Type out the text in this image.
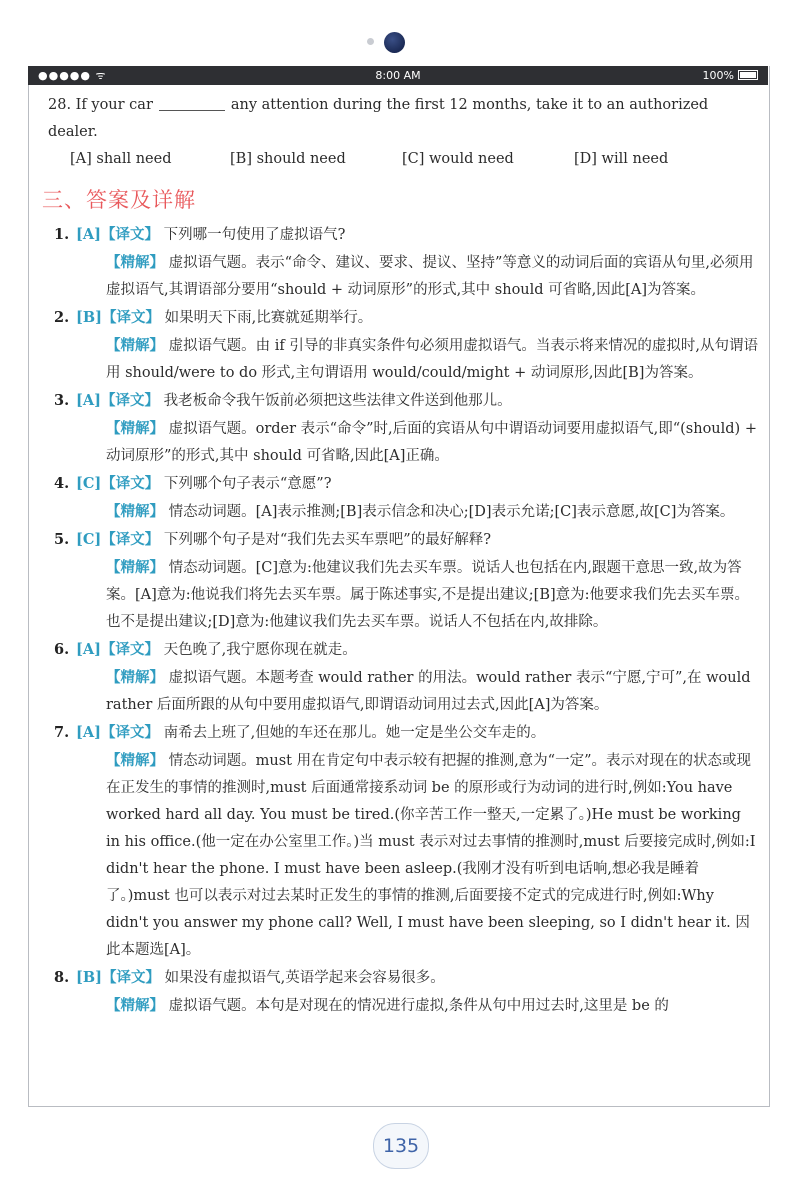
●●●●● ᯤ	8:00 AM	100%
28. If your car	any attention during the first 12 months, take it to an authorized dealer.
[A] shall need	[B] should need	[C] would need	[D] will need
三、答案及详解

1. [A]【译文】 下列哪一句使用了虚拟语气?

【精解】 虚拟语气题。表示“命令、建议、要求、提议、坚持”等意义的动词后面的宾语从句里,必须用虚拟语气,其谓语部分要用“should + 动词原形”的形式,其中 should 可省略,因此[A]为答案。

2. [B]【译文】 如果明天下雨,比赛就延期举行。

【精解】 虚拟语气题。由 if 引导的非真实条件句必须用虚拟语气。当表示将来情况的虚拟时,从句谓语用 should/were to do 形式,主句谓语用 would/could/might + 动词原形,因此[B]为答案。

3. [A]【译文】 我老板命令我午饭前必须把这些法律文件送到他那儿。

【精解】 虚拟语气题。order 表示“命令”时,后面的宾语从句中谓语动词要用虚拟语气,即“(should) + 动词原形”的形式,其中 should 可省略,因此[A]正确。

4. [C]【译文】 下列哪个句子表示“意愿”?

【精解】 情态动词题。[A]表示推测;[B]表示信念和决心;[D]表示允诺;[C]表示意愿,故[C]为答案。

5. [C]【译文】 下列哪个句子是对“我们先去买车票吧”的最好解释?

【精解】 情态动词题。[C]意为:他建议我们先去买车票。说话人也包括在内,跟题干意思一致,故为答案。[A]意为:他说我们将先去买车票。属于陈述事实,不是提出建议;[B]意为:他要求我们先去买车票。也不是提出建议;[D]意为:他建议我们先去买车票。说话人不包括在内,故排除。

6. [A]【译文】 天色晚了,我宁愿你现在就走。

【精解】 虚拟语气题。本题考查 would rather 的用法。would rather 表示“宁愿,宁可”,在 would rather 后面所跟的从句中要用虚拟语气,即谓语动词用过去式,因此[A]为答案。

7. [A]【译文】 南希去上班了,但她的车还在那儿。她一定是坐公交车走的。

【精解】 情态动词题。must 用在肯定句中表示较有把握的推测,意为“一定”。表示对现在的状态或现在正发生的事情的推测时,must 后面通常接系动词 be 的原形或行为动词的进行时,例如:You have worked hard all day. You must be tired.(你辛苦工作一整天,一定累了。)He must be working in his office.(他一定在办公室里工作。)当 must 表示对过去事情的推测时,must 后要接完成时,例如:I didn't hear the phone. I must have been asleep.(我刚才没有听到电话响,想必我是睡着了。)must 也可以表示对过去某时正发生的事情的推测,后面要接不定式的完成进行时,例如:Why didn't you answer my phone call? Well, I must have been sleeping, so I didn't hear it. 因此本题选[A]。

8. [B]【译文】 如果没有虚拟语气,英语学起来会容易很多。

【精解】 虚拟语气题。本句是对现在的情况进行虚拟,条件从句中用过去时,这里是 be 的

135
